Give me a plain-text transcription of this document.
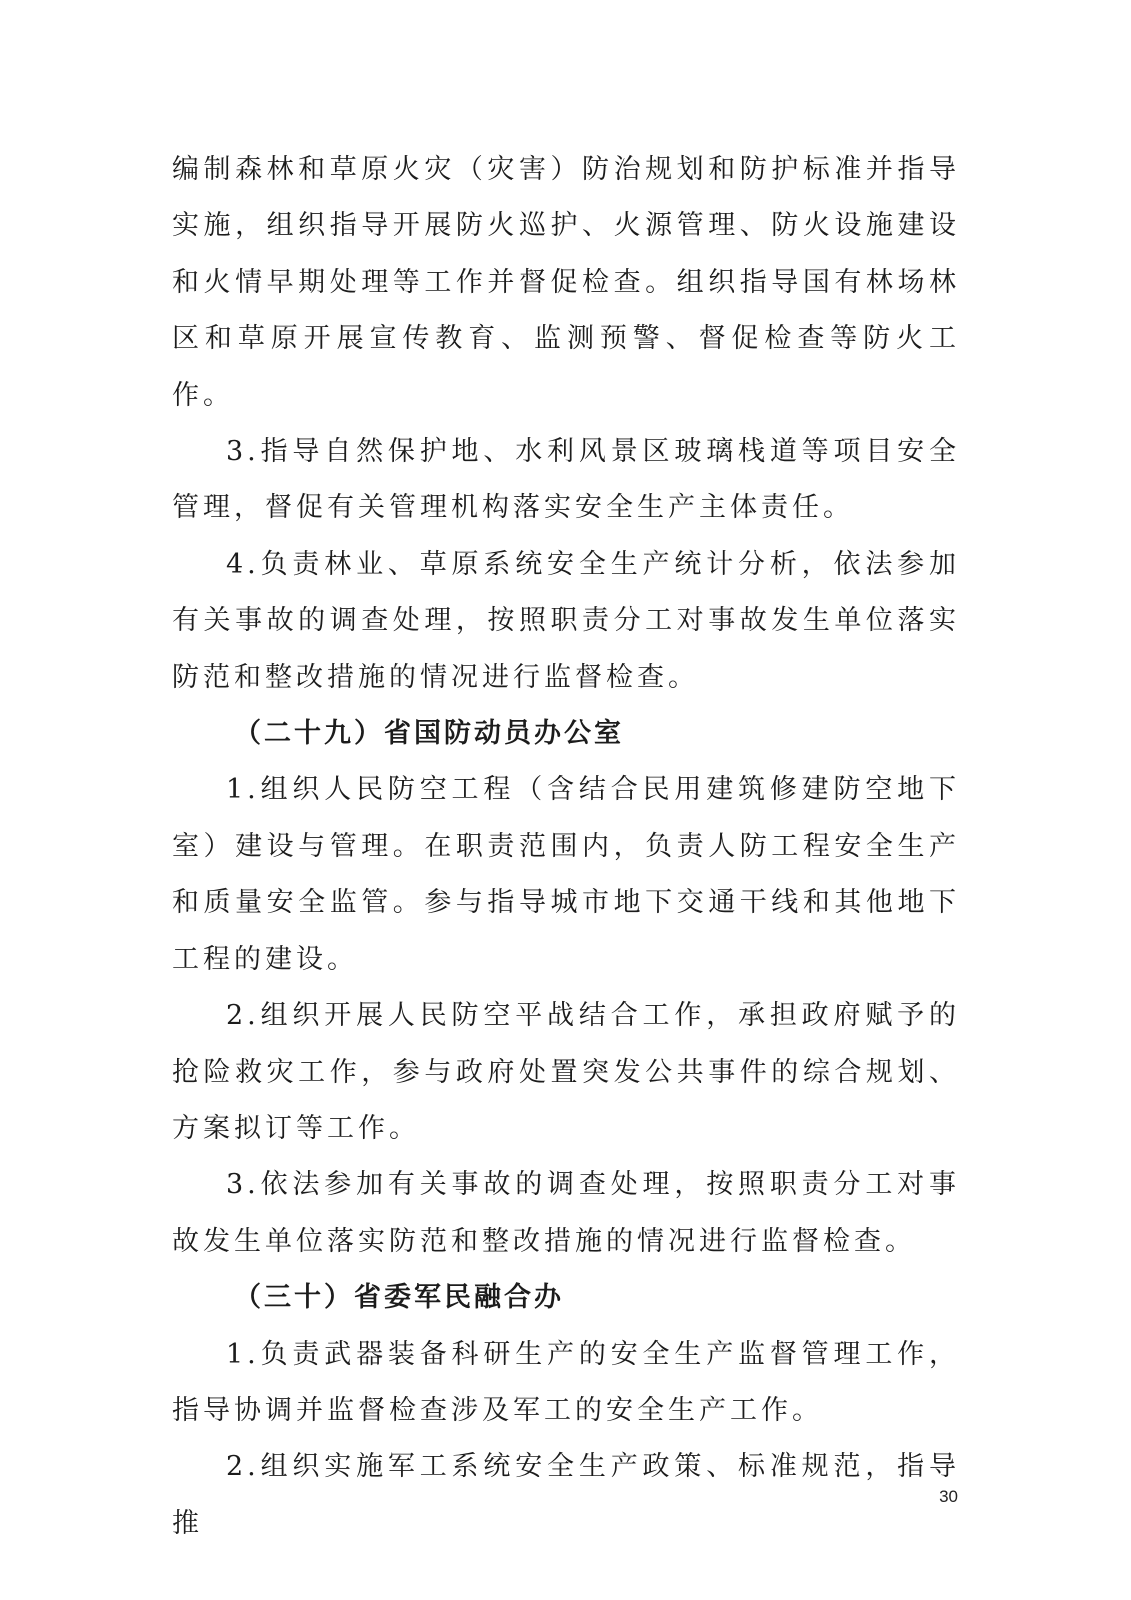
编制森林和草原火灾（灾害）防治规划和防护标准并指导实施，组织指导开展防火巡护、火源管理、防火设施建设和火情早期处理等工作并督促检查。组织指导国有林场林区和草原开展宣传教育、监测预警、督促检查等防火工作。

3.指导自然保护地、水利风景区玻璃栈道等项目安全管理，督促有关管理机构落实安全生产主体责任。

4.负责林业、草原系统安全生产统计分析，依法参加有关事故的调查处理，按照职责分工对事故发生单位落实防范和整改措施的情况进行监督检查。

（二十九）省国防动员办公室

1.组织人民防空工程（含结合民用建筑修建防空地下室）建设与管理。在职责范围内，负责人防工程安全生产和质量安全监管。参与指导城市地下交通干线和其他地下工程的建设。

2.组织开展人民防空平战结合工作，承担政府赋予的抢险救灾工作，参与政府处置突发公共事件的综合规划、方案拟订等工作。

3.依法参加有关事故的调查处理，按照职责分工对事故发生单位落实防范和整改措施的情况进行监督检查。

（三十）省委军民融合办

1.负责武器装备科研生产的安全生产监督管理工作，指导协调并监督检查涉及军工的安全生产工作。

2.组织实施军工系统安全生产政策、标准规范，指导推

30
